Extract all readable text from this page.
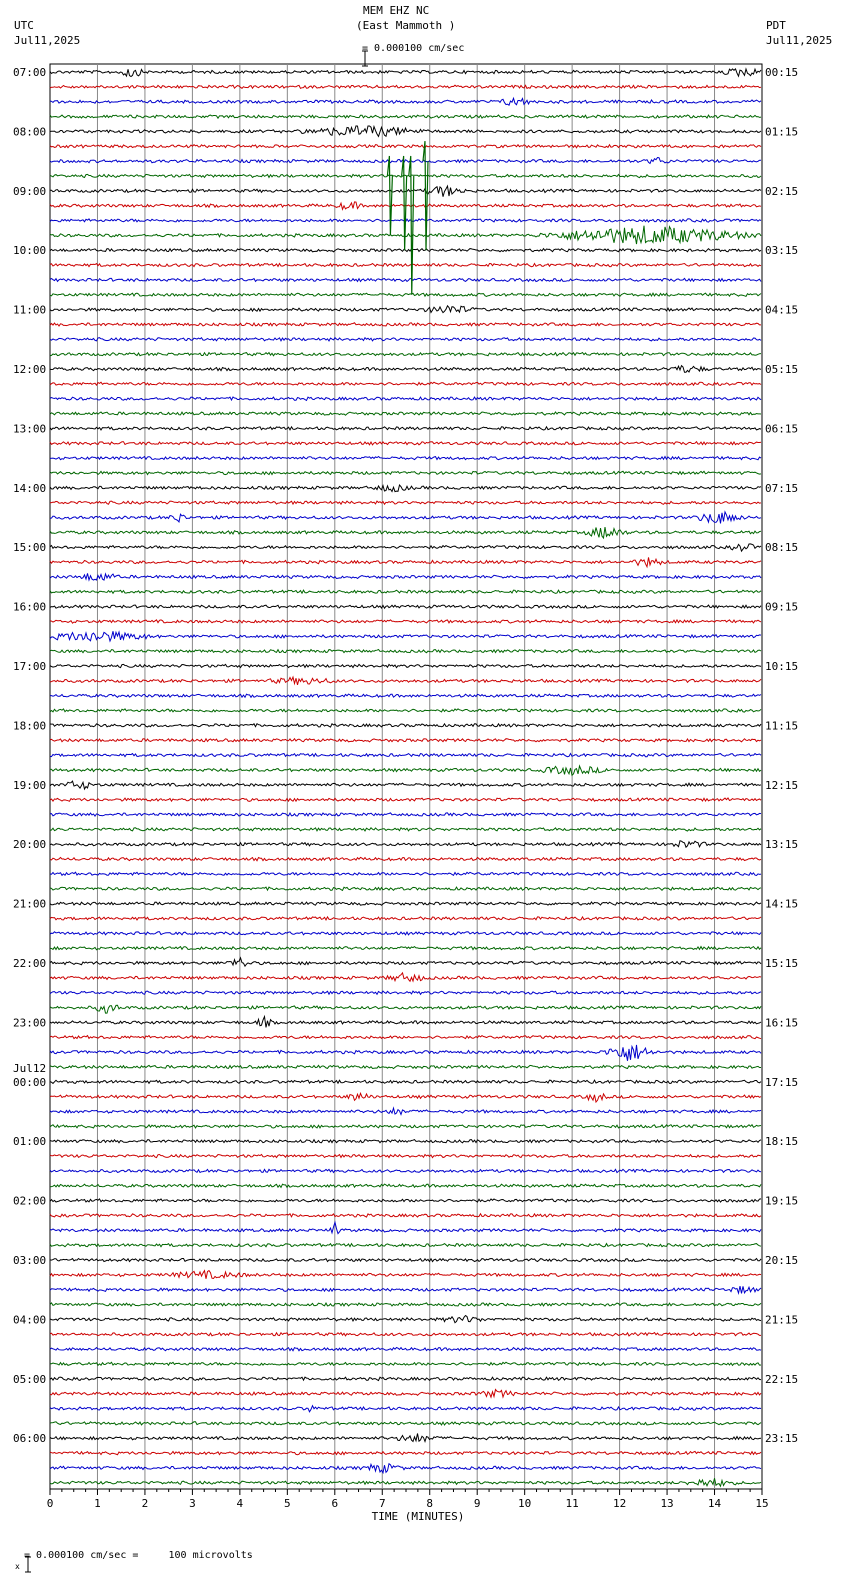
MEM EHZ NC
(East Mammoth )

= 0.000100 cm/sec
UTC
Jul11,2025
PDT
Jul11,2025
07:00
08:00
09:00
10:00
11:00
12:00
13:00
14:00
15:00
16:00
17:00
18:00
19:00
20:00
21:00
22:00
23:00
00:00
Jul12
01:00
02:00
03:00
04:00
05:00
06:00
00:15
01:15
02:15
03:15
04:15
05:15
06:15
07:15
08:15
09:15
10:15
11:15
12:15
13:15
14:15
15:15
16:15
17:15
18:15
19:15
20:15
21:15
22:15
23:15
0	1	2	3	4	5	6	7	8	9	10	11	12	13	14	15
TIME (MINUTES)

x

= 0.000100 cm/sec =     100 microvolts
